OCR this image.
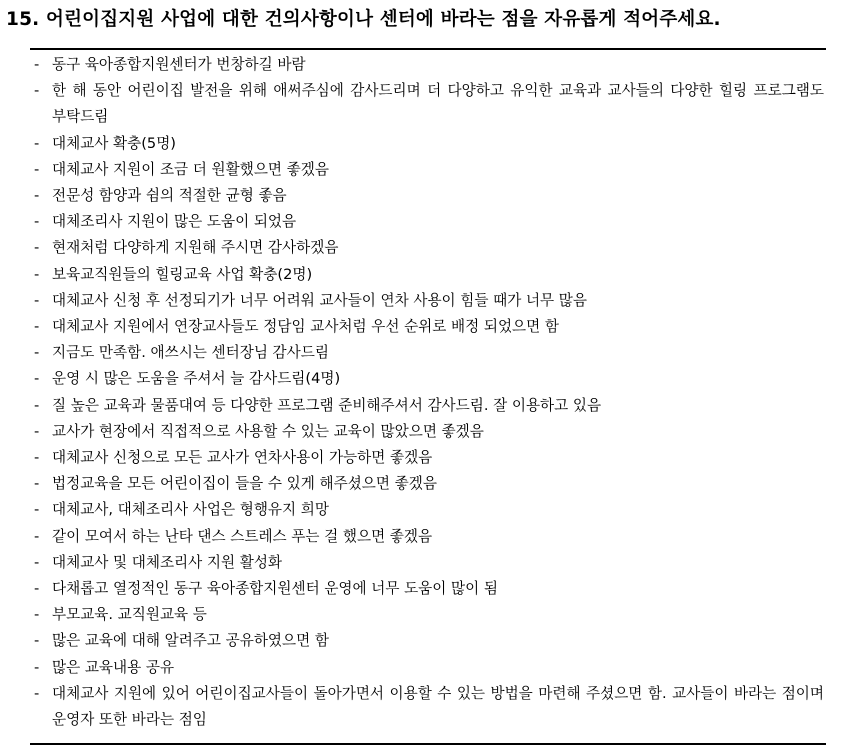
15. 어린이집지원 사업에 대한 건의사항이나 센터에 바라는 점을 자유롭게 적어주세요.
- 동구 육아종합지원센터가 번창하길 바람
- 한 해 동안 어린이집 발전을 위해 애써주심에 감사드리며 더 다양하고 유익한 교육과 교사들의 다양한 힐링 프로그램도 부탁드림
- 대체교사 확충(5명)
- 대체교사 지원이 조금 더 원활했으면 좋겠음
- 전문성 함양과 쉼의 적절한 균형 좋음
- 대체조리사 지원이 많은 도움이 되었음
- 현재처럼 다양하게 지원해 주시면 감사하겠음
- 보육교직원들의 힐링교육 사업 확충(2명)
- 대체교사 신청 후 선정되기가 너무 어려워 교사들이 연차 사용이 힘들 때가 너무 많음
- 대체교사 지원에서 연장교사들도 정담임 교사처럼 우선 순위로 배정 되었으면 함
- 지금도 만족함. 애쓰시는 센터장님 감사드림
- 운영 시 많은 도움을 주셔서 늘 감사드림(4명)
- 질 높은 교육과 물품대여 등 다양한 프로그램 준비해주셔서 감사드림. 잘 이용하고 있음
- 교사가 현장에서 직접적으로 사용할 수 있는 교육이 많았으면 좋겠음
- 대체교사 신청으로 모든 교사가 연차사용이 가능하면 좋겠음
- 법정교육을 모든 어린이집이 들을 수 있게 해주셨으면 좋겠음
- 대체교사, 대체조리사 사업은 형행유지 희망
- 같이 모여서 하는 난타 댄스 스트레스 푸는 걸 했으면 좋겠음
- 대체교사 및 대체조리사 지원 활성화
- 다채롭고 열정적인 동구 육아종합지원센터 운영에 너무 도움이 많이 됨
- 부모교육. 교직원교육 등
- 많은 교육에 대해 알려주고 공유하였으면 함
- 많은 교육내용 공유
- 대체교사 지원에 있어 어린이집교사들이 돌아가면서 이용할 수 있는 방법을 마련해 주셨으면 함. 교사들이 바라는 점이며 운영자 또한 바라는 점임
